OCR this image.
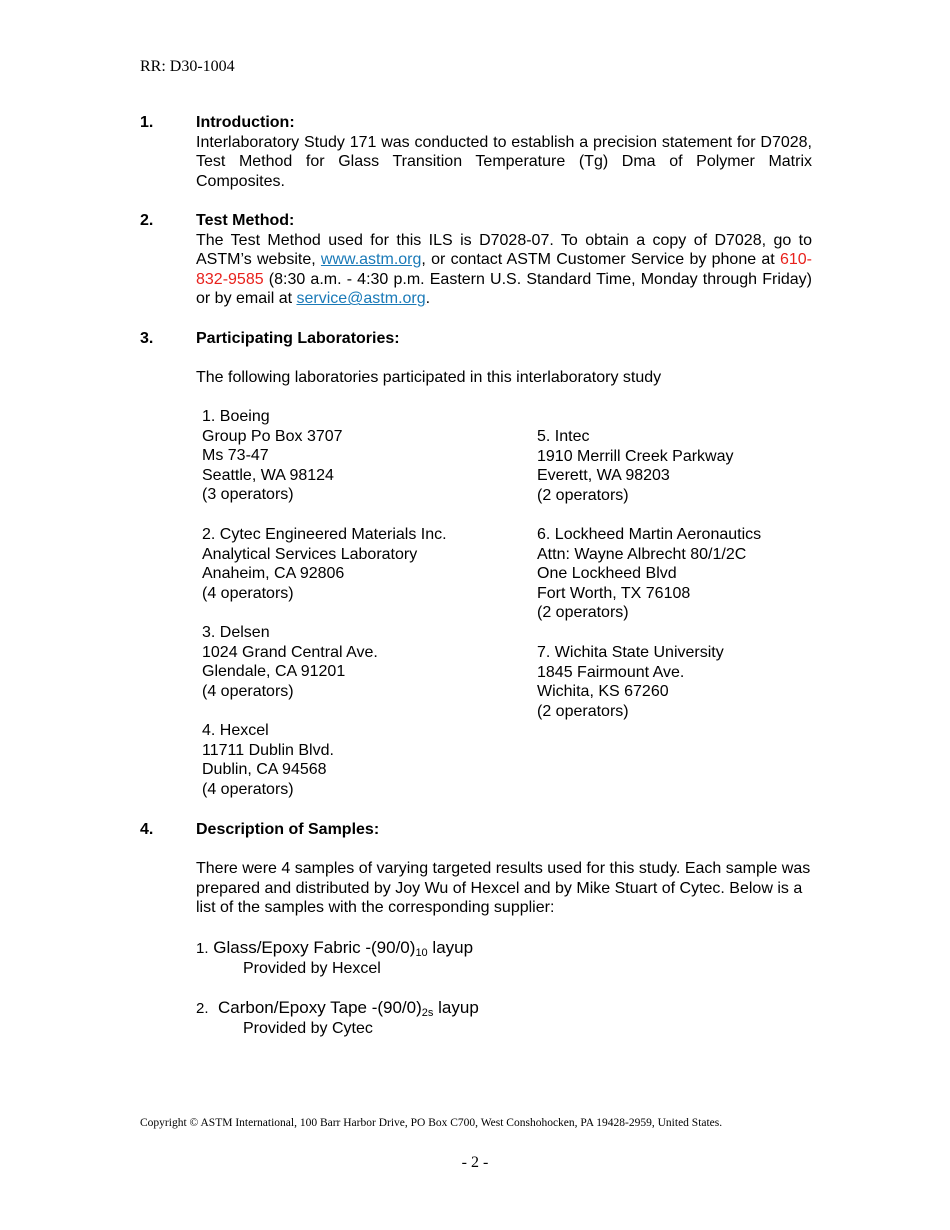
RR: D30-1004
1.	Introduction:
Interlaboratory Study 171 was conducted to establish a precision statement for D7028, Test Method for Glass Transition Temperature (Tg) Dma of Polymer Matrix Composites.
2.	Test Method:
The Test Method used for this ILS is D7028-07. To obtain a copy of D7028, go to ASTM’s website, www.astm.org, or contact ASTM Customer Service by phone at 610-832-9585 (8:30 a.m. - 4:30 p.m. Eastern U.S. Standard Time, Monday through Friday) or by email at service@astm.org.
3.	Participating Laboratories:
The following laboratories participated in this interlaboratory study
1. Boeing
Group Po Box 3707
Ms 73-47
Seattle, WA 98124
(3 operators)
2. Cytec Engineered Materials Inc.
Analytical Services Laboratory
Anaheim, CA 92806
(4 operators)
3. Delsen
1024 Grand Central Ave.
Glendale, CA 91201
(4 operators)
4. Hexcel
11711 Dublin Blvd.
Dublin, CA 94568
(4 operators)
5. Intec
1910 Merrill Creek Parkway
Everett, WA 98203
(2 operators)
6. Lockheed Martin Aeronautics
Attn: Wayne Albrecht 80/1/2C
One Lockheed Blvd
Fort Worth, TX 76108
(2 operators)
7. Wichita State University
1845 Fairmount Ave.
Wichita, KS 67260
(2 operators)
4.	Description of Samples:
There were 4 samples of varying targeted results used for this study. Each sample was prepared and distributed by Joy Wu of Hexcel and by Mike Stuart of Cytec. Below is a list of the samples with the corresponding supplier:
1. Glass/Epoxy Fabric $-(90/0)_{10}$ layup
Provided by Hexcel
2. Carbon/Epoxy Tape $-(90/0)_{2s}$ layup
Provided by Cytec
Copyright © ASTM International, 100 Barr Harbor Drive, PO Box C700, West Conshohocken, PA 19428-2959, United States.
- 2 -
